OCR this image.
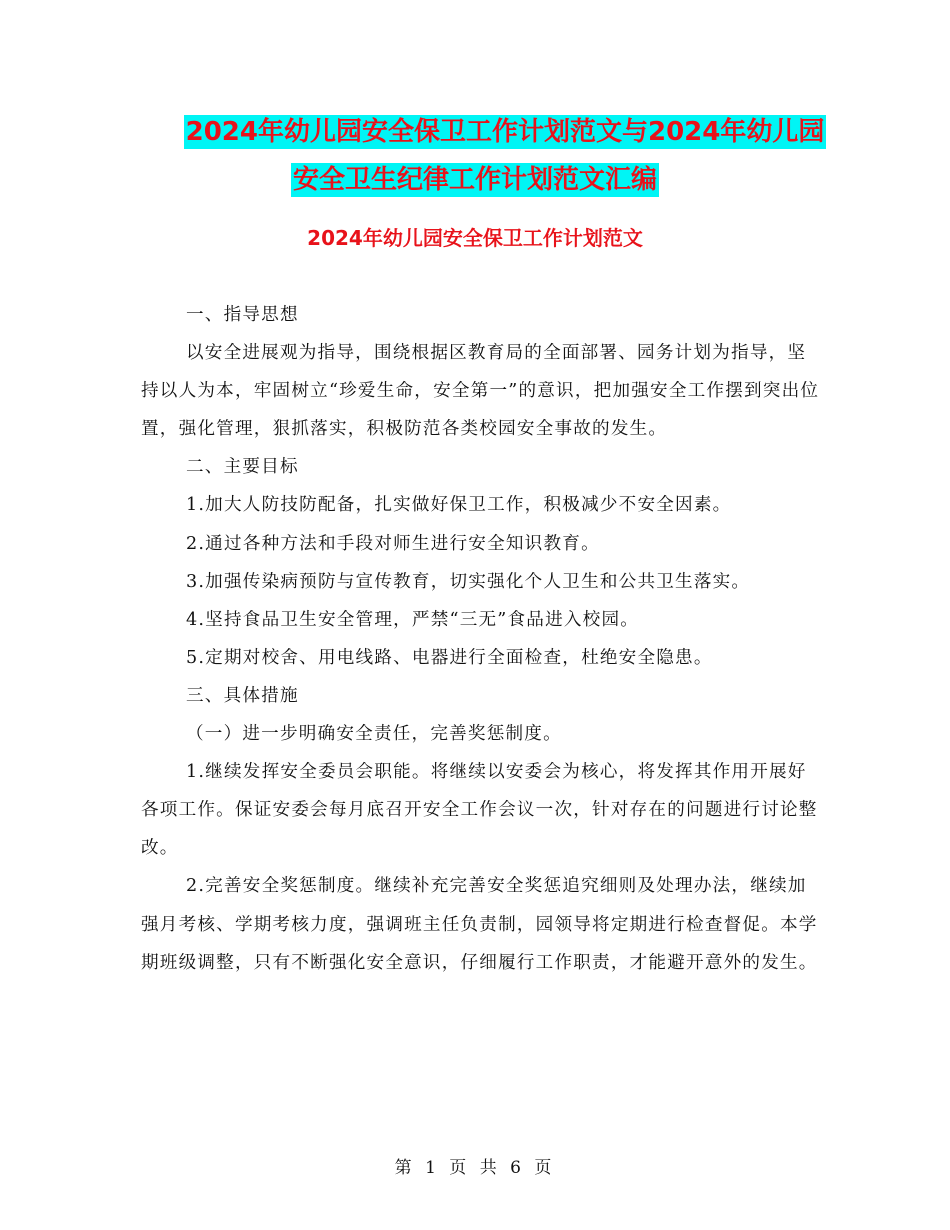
2024年幼儿园安全保卫工作计划范文与2024年幼儿园
安全卫生纪律工作计划范文汇编
2024年幼儿园安全保卫工作计划范文

一、指导思想

以安全进展观为指导，围绕根据区教育局的全面部署、园务计划为指导，坚持以人为本，牢固树立“珍爱生命，安全第一”的意识，把加强安全工作摆到突出位置，强化管理，狠抓落实，积极防范各类校园安全事故的发生。

二、主要目标

1.加大人防技防配备，扎实做好保卫工作，积极减少不安全因素。

2.通过各种方法和手段对师生进行安全知识教育。

3.加强传染病预防与宣传教育，切实强化个人卫生和公共卫生落实。

4.坚持食品卫生安全管理，严禁“三无”食品进入校园。

5.定期对校舍、用电线路、电器进行全面检查，杜绝安全隐患。

三、具体措施

（一）进一步明确安全责任，完善奖惩制度。

1.继续发挥安全委员会职能。将继续以安委会为核心，将发挥其作用开展好各项工作。保证安委会每月底召开安全工作会议一次，针对存在的问题进行讨论整改。

2.完善安全奖惩制度。继续补充完善安全奖惩追究细则及处理办法，继续加强月考核、学期考核力度，强调班主任负责制，园领导将定期进行检查督促。本学期班级调整，只有不断强化安全意识，仔细履行工作职责，才能避开意外的发生。

第 1 页 共 6 页
